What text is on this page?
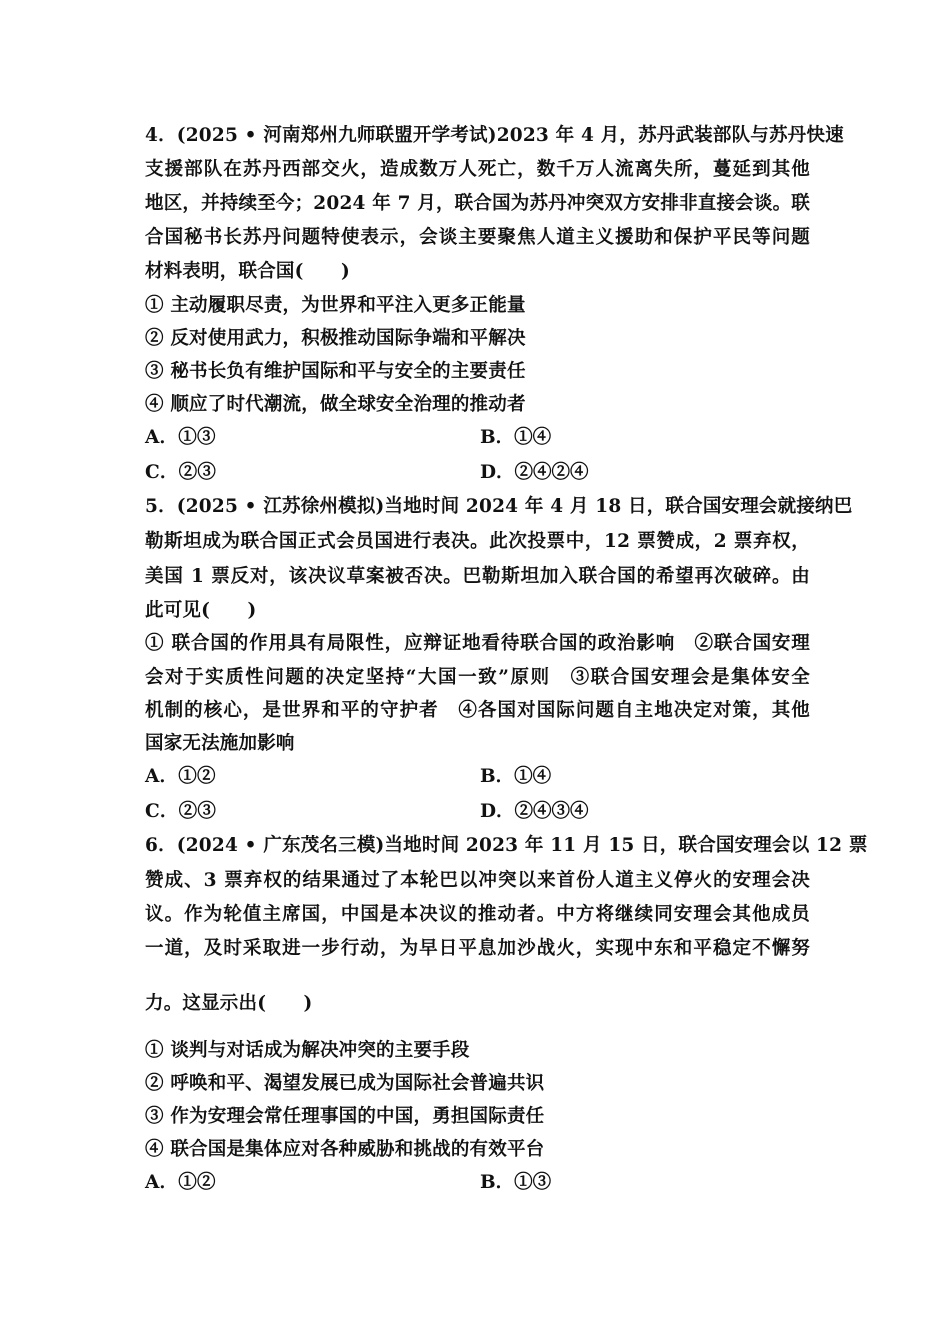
4．(2025 • 河南郑州九师联盟开学考试)2023 年 4 月，苏丹武装部队与苏丹快速
支援部队在苏丹西部交火，造成数万人死亡，数千万人流离失所，蔓延到其他
地区，并持续至今；2024 年 7 月，联合国为苏丹冲突双方安排非直接会谈。联
合国秘书长苏丹问题特使表示，会谈主要聚焦人道主义援助和保护平民等问题
材料表明，联合国(　　)
① 主动履职尽责，为世界和平注入更多正能量
② 反对使用武力，积极推动国际争端和平解决
③ 秘书长负有维护国际和平与安全的主要责任
④ 顺应了时代潮流，做全球安全治理的推动者
A．①③	B．①④
C．②③	D．②④②④
5．(2025 • 江苏徐州模拟)当地时间 2024 年 4 月 18 日，联合国安理会就接纳巴
勒斯坦成为联合国正式会员国进行表决。此次投票中，12 票赞成，2 票弃权，
美国 1 票反对，该决议草案被否决。巴勒斯坦加入联合国的希望再次破碎。由
此可见(　　)
① 联合国的作用具有局限性，应辩证地看待联合国的政治影响　②联合国安理
会对于实质性问题的决定坚持“大国一致”原则　③联合国安理会是集体安全
机制的核心，是世界和平的守护者　④各国对国际问题自主地决定对策，其他
国家无法施加影响
A．①②	B．①④
C．②③	D．②④③④
6．(2024 • 广东茂名三模)当地时间 2023 年 11 月 15 日，联合国安理会以 12 票
赞成、3 票弃权的结果通过了本轮巴以冲突以来首份人道主义停火的安理会决
议。作为轮值主席国，中国是本决议的推动者。中方将继续同安理会其他成员
一道，及时采取进一步行动，为早日平息加沙战火，实现中东和平稳定不懈努
力。这显示出(　　)
① 谈判与对话成为解决冲突的主要手段
② 呼唤和平、渴望发展已成为国际社会普遍共识
③ 作为安理会常任理事国的中国，勇担国际责任
④ 联合国是集体应对各种威胁和挑战的有效平台
A．①②	B．①③
